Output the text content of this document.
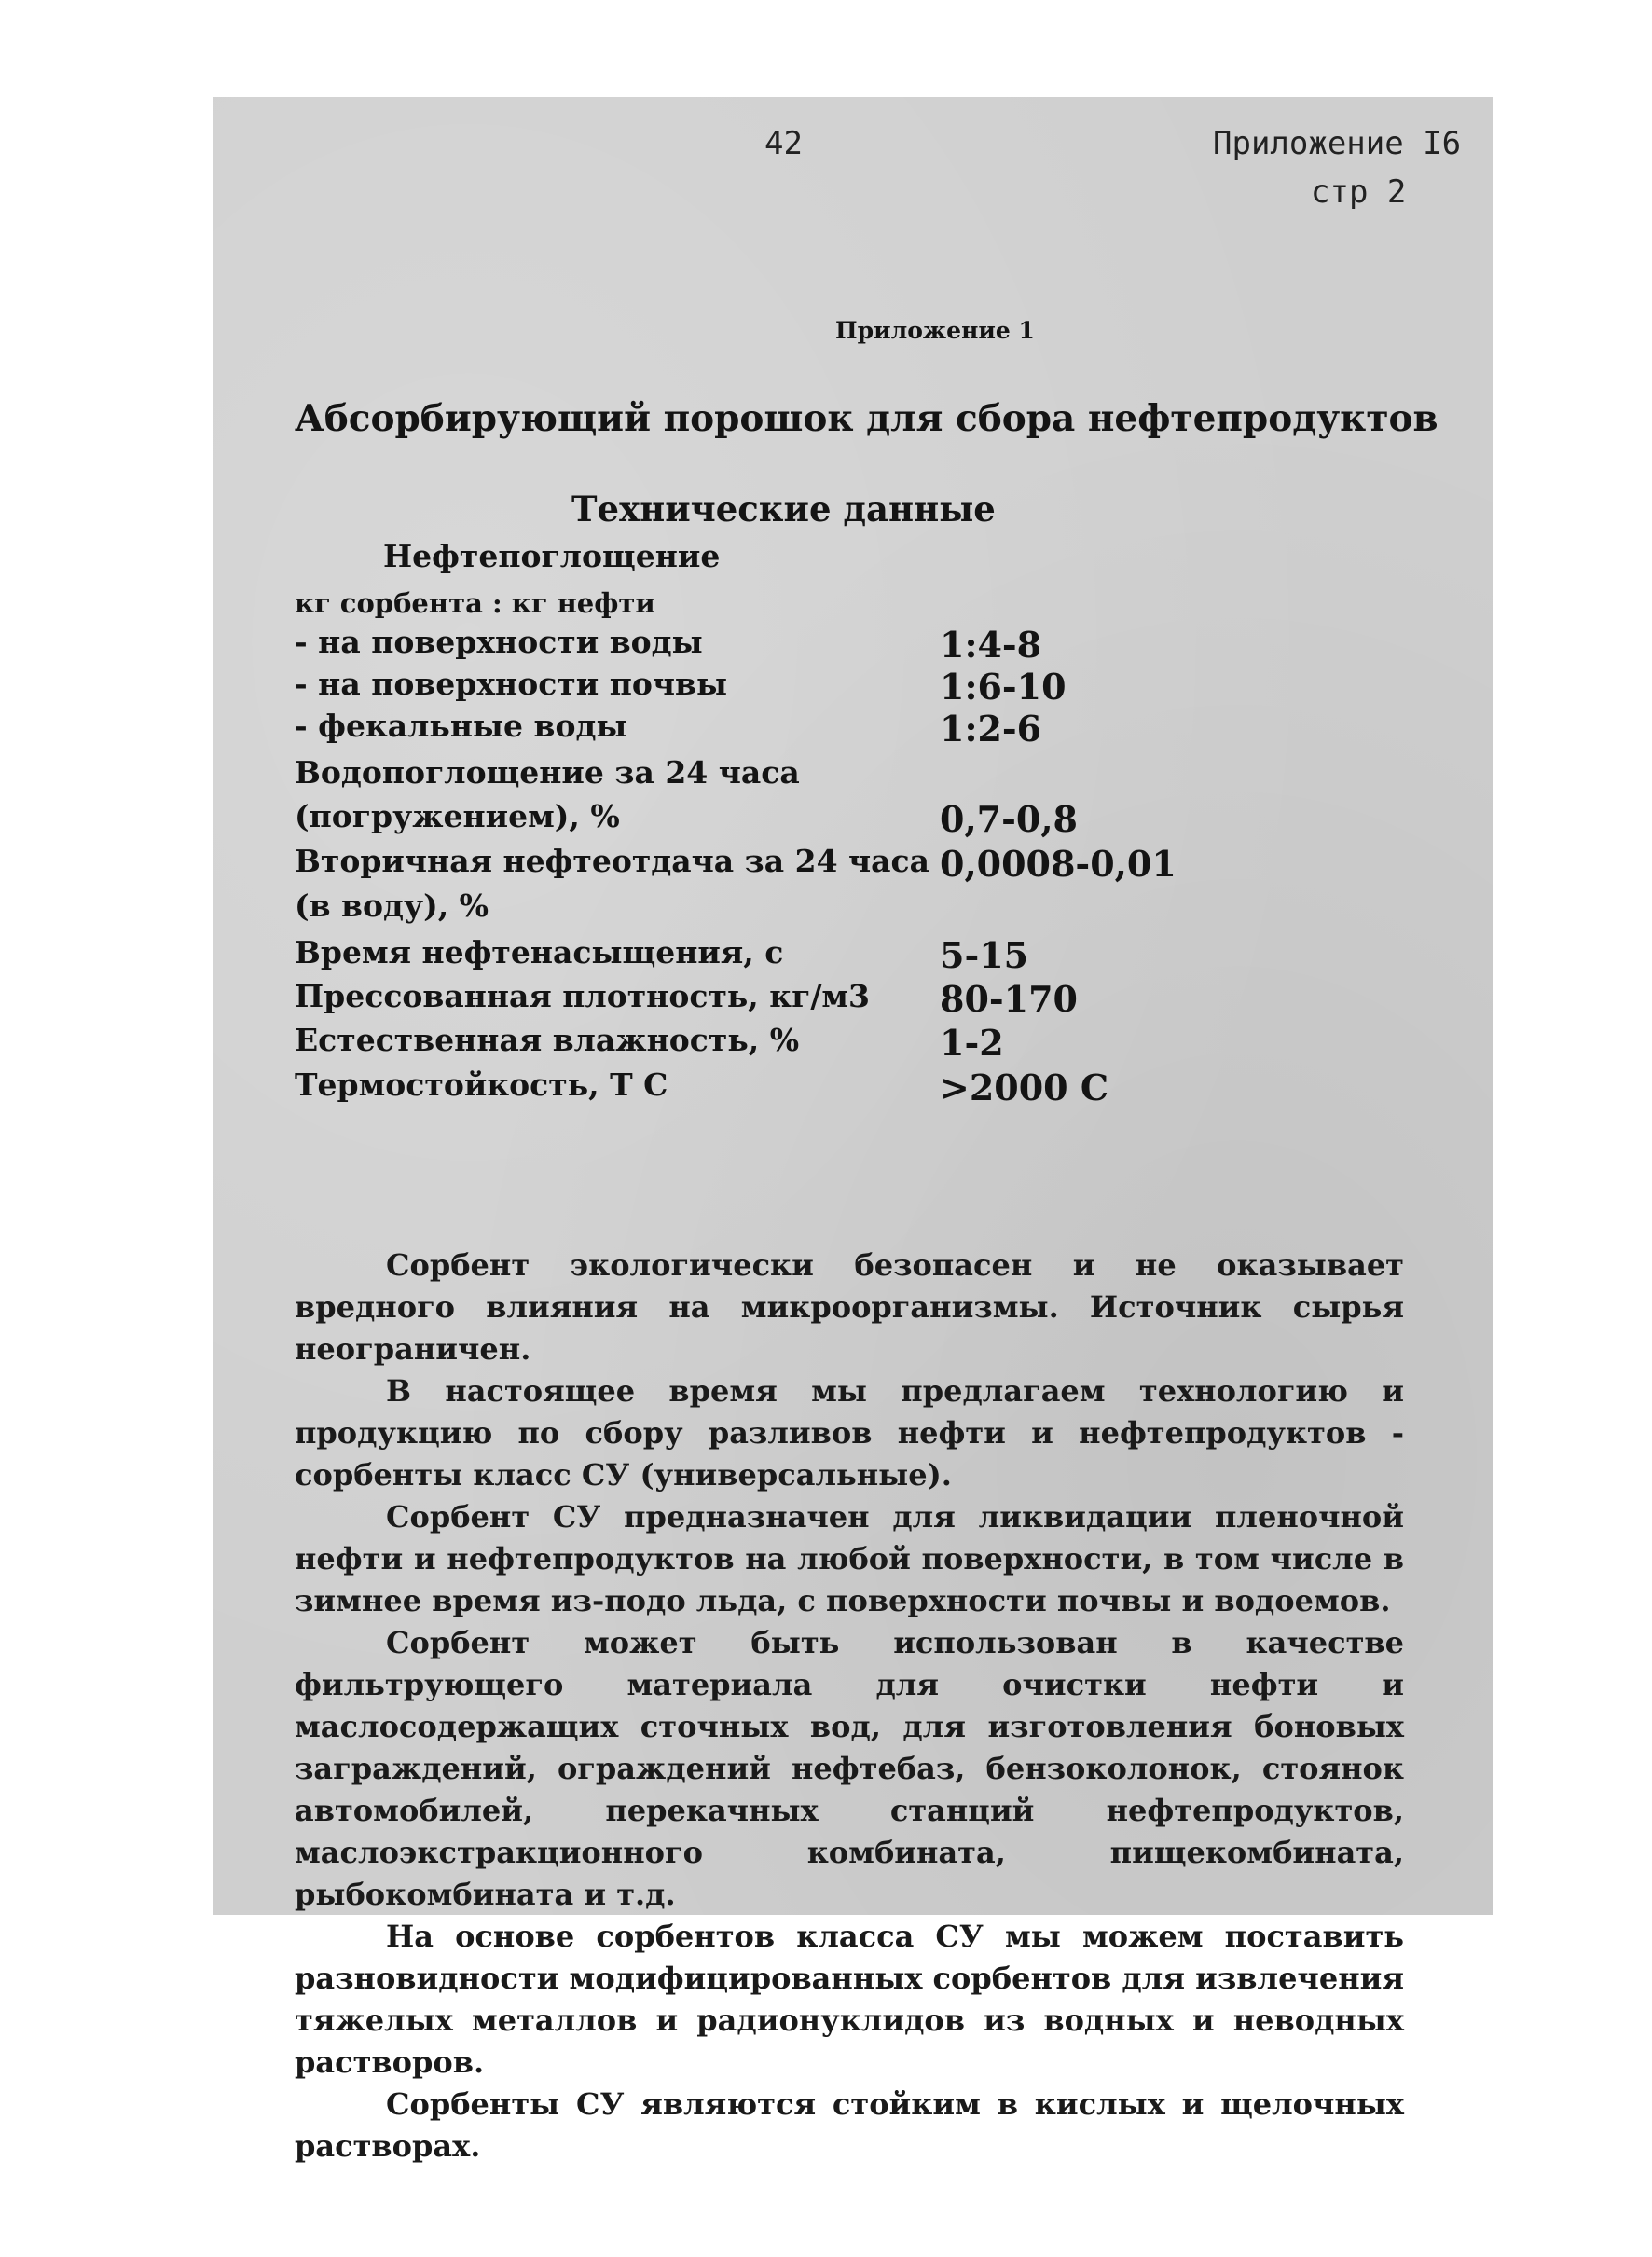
42	Приложение I6
стр 2
Приложение 1
Абсорбирующий порошок для сбора нефтепродуктов
Технические данные
Нефтепоглощение
кг сорбента : кг нефти
- на поверхности воды	1:4-8
- на поверхности почвы	1:6-10
- фекальные воды	1:2-6
Водопоглощение за 24 часа
(погружением), %	0,7-0,8
Вторичная нефтеотдача за 24 часа 0,0008-0,01
(в воду), %
Время нефтенасыщения, с	5-15
Прессованная плотность, кг/м3 80-170
Естественная влажность, %	1-2
Термостойкость, Т С	>2000 С

Сорбент экологически безопасен и не оказывает вредного влияния на микроорганизмы. Источник сырья неограничен.

В настоящее время мы предлагаем технологию и продукцию по сбору разливов нефти и нефтепродуктов - сорбенты класс СУ (универсальные).

Сорбент СУ предназначен для ликвидации пленочной нефти и нефтепродуктов на любой поверхности, в том числе в зимнее время из-подо льда, с поверхности почвы и водоемов.

Сорбент может быть использован в качестве фильтрующего материала для очистки нефти и маслосодержащих сточных вод, для изготовления боновых заграждений, ограждений нефтебаз, бензоколонок, стоянок автомобилей, перекачных станций нефтепродуктов, маслоэкстракционного комбината, пищекомбината, рыбокомбината и т.д.

На основе сорбентов класса СУ мы можем поставить разновидности модифицированных сорбентов для извлечения тяжелых металлов и радионуклидов из водных и неводных растворов.

Сорбенты СУ являются стойким в кислых и щелочных растворах.
